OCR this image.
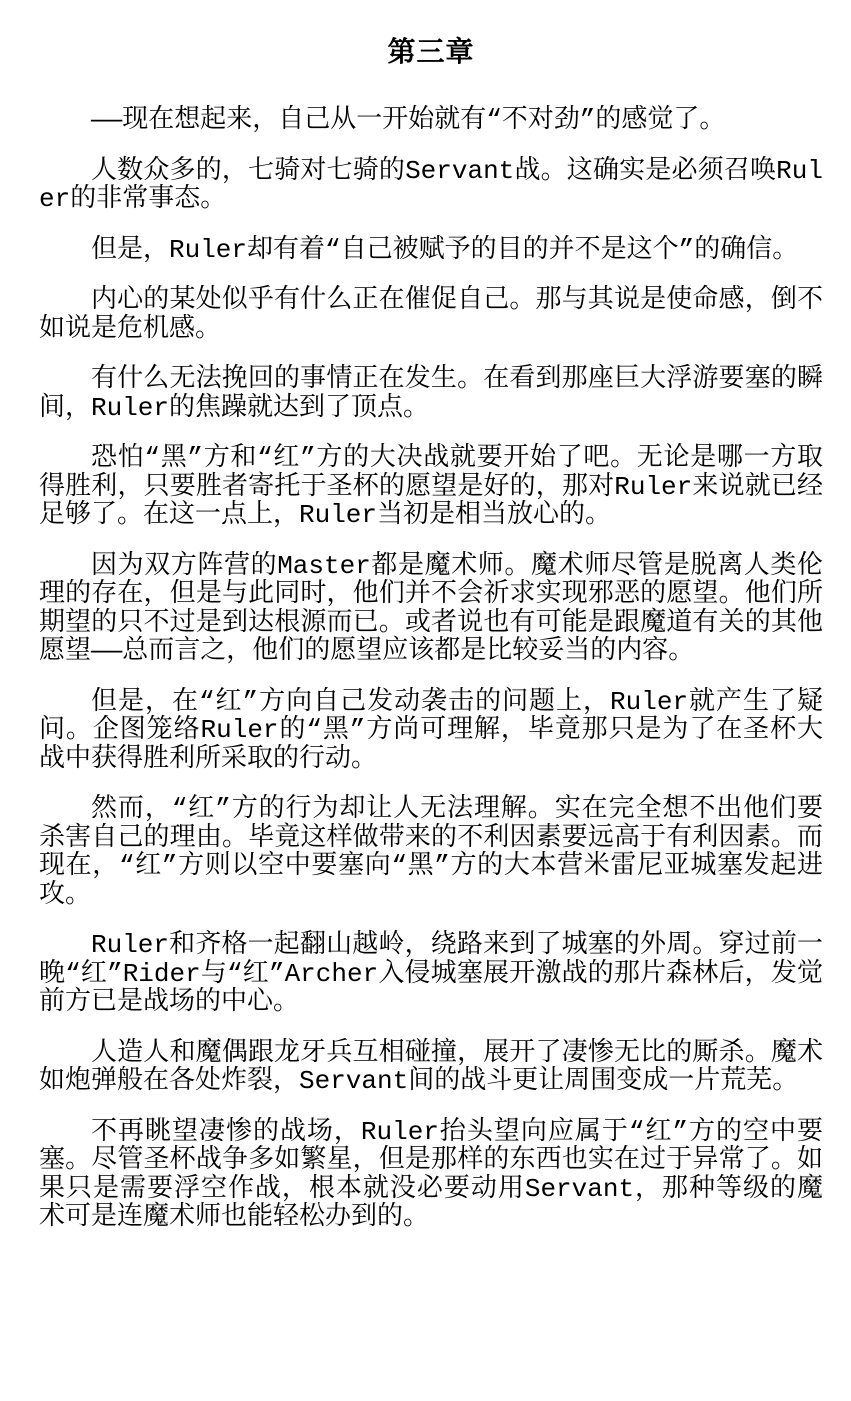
第三章

——现在想起来，自己从一开始就有“不对劲”的感觉了。

人数众多的，七骑对七骑的Servant战。这确实是必须召唤Ruler的非常事态。

但是，Ruler却有着“自己被赋予的目的并不是这个”的确信。

内心的某处似乎有什么正在催促自己。那与其说是使命感，倒不如说是危机感。

有什么无法挽回的事情正在发生。在看到那座巨大浮游要塞的瞬间，Ruler的焦躁就达到了顶点。

恐怕“黑”方和“红”方的大决战就要开始了吧。无论是哪一方取得胜利，只要胜者寄托于圣杯的愿望是好的，那对Ruler来说就已经足够了。在这一点上，Ruler当初是相当放心的。

因为双方阵营的Master都是魔术师。魔术师尽管是脱离人类伦理的存在，但是与此同时，他们并不会祈求实现邪恶的愿望。他们所期望的只不过是到达根源而已。或者说也有可能是跟魔道有关的其他愿望——总而言之，他们的愿望应该都是比较妥当的内容。

但是，在“红”方向自己发动袭击的问题上，Ruler就产生了疑问。企图笼络Ruler的“黑”方尚可理解，毕竟那只是为了在圣杯大战中获得胜利所采取的行动。

然而，“红”方的行为却让人无法理解。实在完全想不出他们要杀害自己的理由。毕竟这样做带来的不利因素要远高于有利因素。而现在，“红”方则以空中要塞向“黑”方的大本营米雷尼亚城塞发起进攻。

Ruler和齐格一起翻山越岭，绕路来到了城塞的外周。穿过前一晚“红”Rider与“红”Archer入侵城塞展开激战的那片森林后，发觉前方已是战场的中心。

人造人和魔偶跟龙牙兵互相碰撞，展开了凄惨无比的厮杀。魔术如炮弹般在各处炸裂，Servant间的战斗更让周围变成一片荒芜。

不再眺望凄惨的战场，Ruler抬头望向应属于“红”方的空中要塞。尽管圣杯战争多如繁星，但是那样的东西也实在过于异常了。如果只是需要浮空作战，根本就没必要动用Servant，那种等级的魔术可是连魔术师也能轻松办到的。
